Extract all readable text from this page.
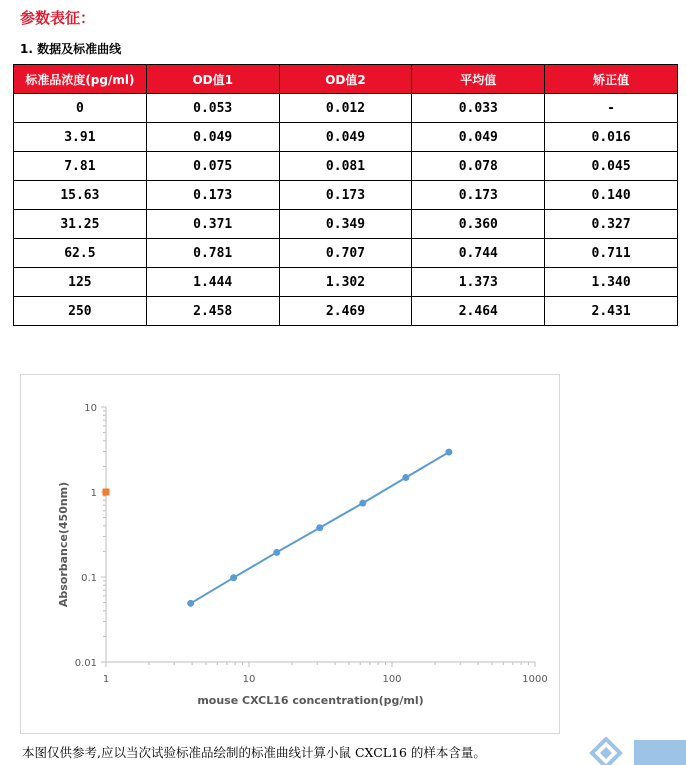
参数表征：
1. 数据及标准曲线
标准品浓度(pg/ml)	OD值1	OD值2	平均值	矫正值
0	0.053	0.012	0.033	-
3.91	0.049	0.049	0.049	0.016
7.81	0.075	0.081	0.078	0.045
15.63	0.173	0.173	0.173	0.140
31.25	0.371	0.349	0.360	0.327
62.5	0.781	0.707	0.744	0.711
125	1.444	1.302	1.373	1.340
250	2.458	2.469	2.464	2.431
1	10	100	1000
0.01
0.1
1
10
mouse CXCL16 concentration(pg/ml)
Absorbance(450nm)
本图仅供参考,应以当次试验标准品绘制的标准曲线计算小鼠 CXCL16 的样本含量。
